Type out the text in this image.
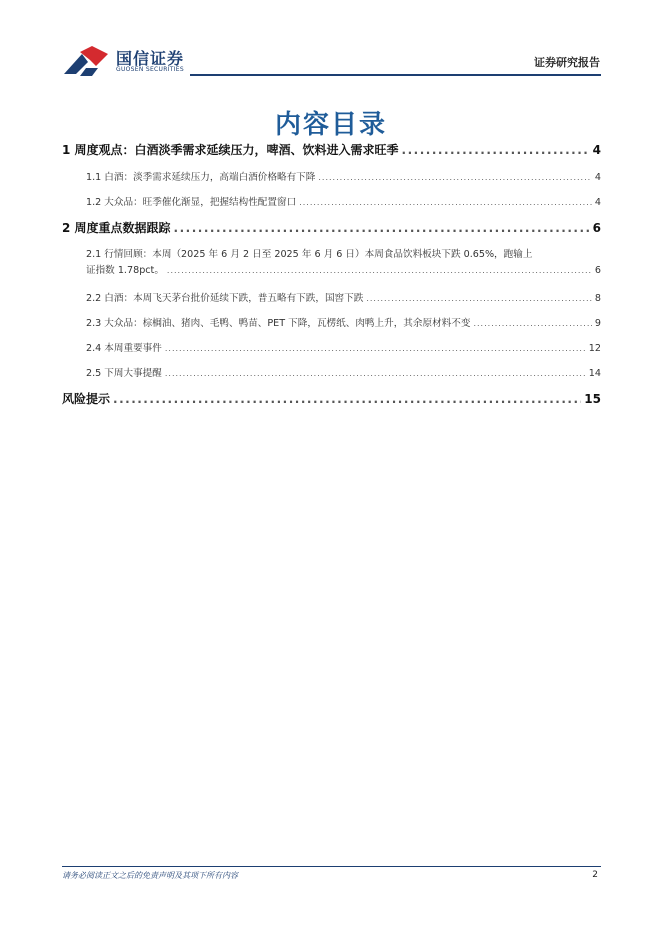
国信证券
GUOSEN SECURITIES
证券研究报告
内容目录
1 周度观点：白酒淡季需求延续压力，啤酒、饮料进入需求旺季 .....	4
1.1 白酒：淡季需求延续压力，高端白酒价格略有下降 .....	4
1.2 大众品：旺季催化渐显，把握结构性配置窗口 .....	4
2 周度重点数据跟踪 .....	6
2.1 行情回顾：本周（2025 年 6 月 2 日至 2025 年 6 月 6 日）本周食品饮料板块下跌 0.65%，跑输上
证指数 1.78pct。 .....	6
2.2 白酒：本周飞天茅台批价延续下跌，普五略有下跌，国窖下跌 .....	8
2.3 大众品：棕榈油、猪肉、毛鸭、鸭苗、PET 下降，瓦楞纸、肉鸭上升，其余原材料不变 .....	9
2.4 本周重要事件 .....	12
2.5 下周大事提醒 .....	14
风险提示 .....	15
请务必阅读正文之后的免责声明及其项下所有内容	2
